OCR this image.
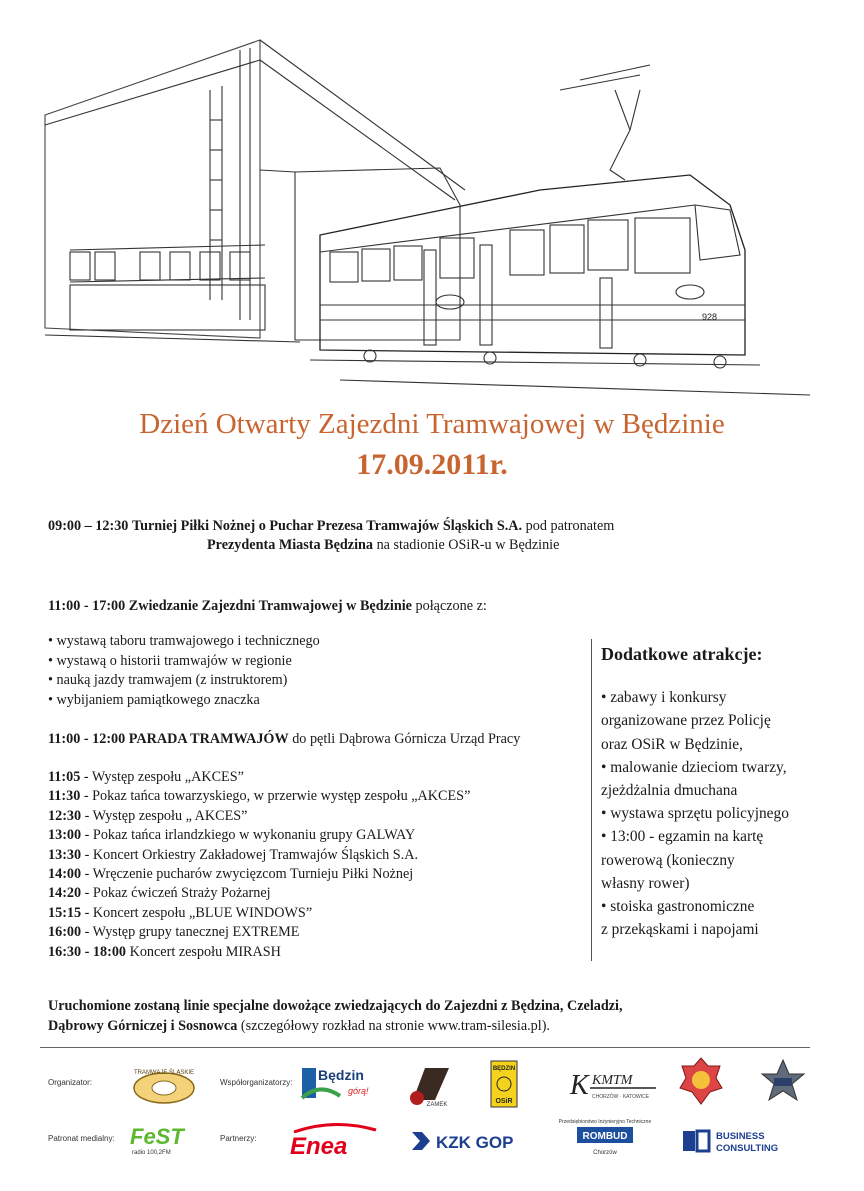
928
Dzień Otwarty Zajezdni Tramwajowej w Będzinie
17.09.2011r.
09:00 – 12:30 Turniej Piłki Nożnej o Puchar Prezesa Tramwajów Śląskich S.A. pod patronatem
Prezydenta Miasta Będzina na stadionie OSiR-u w Będzinie
11:00 - 17:00 Zwiedzanie Zajezdni Tramwajowej w Będzinie połączone z:
• wystawą taboru tramwajowego i technicznego
• wystawą o historii tramwajów w regionie
• nauką jazdy tramwajem (z instruktorem)
• wybijaniem pamiątkowego znaczka
11:00 - 12:00 PARADA TRAMWAJÓW do pętli Dąbrowa Górnicza Urząd Pracy
11:05 - Występ zespołu „AKCES”
11:30 - Pokaz tańca towarzyskiego, w przerwie występ zespołu „AKCES”
12:30 - Występ zespołu „ AKCES”
13:00 - Pokaz tańca irlandzkiego w wykonaniu grupy GALWAY
13:30 - Koncert Orkiestry Zakładowej Tramwajów Śląskich S.A.
14:00 - Wręczenie pucharów zwycięzcom Turnieju Piłki Nożnej
14:20 - Pokaz ćwiczeń Straży Pożarnej
15:15 - Koncert zespołu „BLUE WINDOWS”
16:00 - Występ grupy tanecznej EXTREME
16:30 - 18:00 Koncert zespołu MIRASH
Dodatkowe atrakcje:
• zabawy i konkursy
organizowane przez Policję
oraz OSiR w Będzinie,
• malowanie dzieciom twarzy,
zjeżdżalnia dmuchana
• wystawa sprzętu policyjnego
• 13:00 - egzamin na kartę
rowerową (konieczny
własny rower)
• stoiska gastronomiczne
z przekąskami i napojami
Uruchomione zostaną linie specjalne dowożące zwiedzających do Zajezdni z Będzina, Czeladzi,
Dąbrowy Górniczej i Sosnowca (szczegółowy rozkład na stronie www.tram-silesia.pl).
Organizator:	Współorganizatorzy:
Patronat medialny:	Partnerzy:
TRAMWAJE ŚLĄSKIE	Będzin
górą!
ZAMEK
BĘDZIN
OSiR
K KMTM
CHORZÓW · KATOWICE
FeST
radio 100,2FM	Enea	KZK GOP
Przedsiębiorstwo Inżynieryjno Techniczne
ROMBUD
Chorzów
BUSINESS
CONSULTING
